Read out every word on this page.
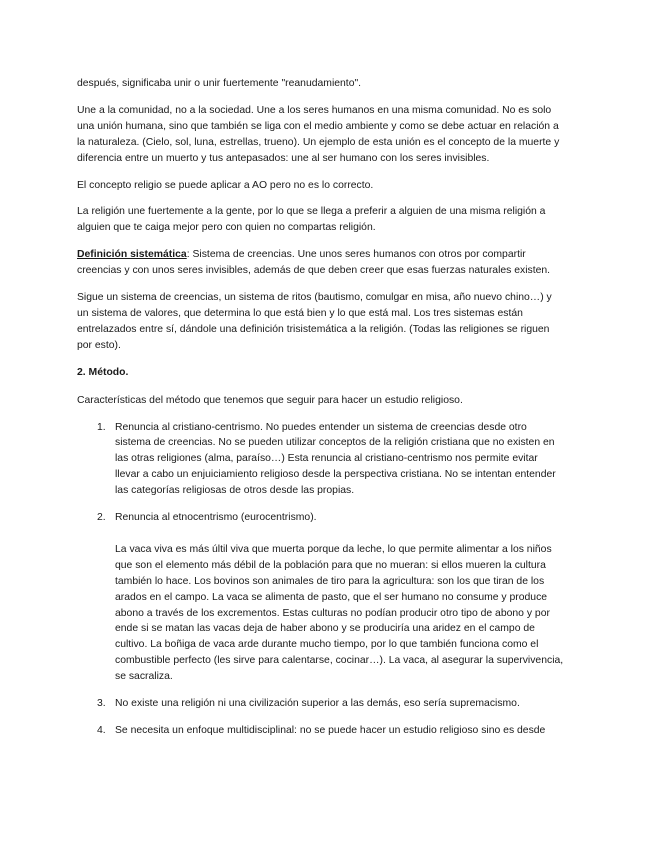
después, significaba unir o unir fuertemente "reanudamiento".

Une a la comunidad, no a la sociedad. Une a los seres humanos en una misma comunidad. No es solo una unión humana, sino que también se liga con el medio ambiente y como se debe actuar en relación a la naturaleza. (Cielo, sol, luna, estrellas, trueno). Un ejemplo de esta unión es el concepto de la muerte y diferencia entre un muerto y tus antepasados: une al ser humano con los seres invisibles.

El concepto religio se puede aplicar a AO pero no es lo correcto.

La religión une fuertemente a la gente, por lo que se llega a preferir a alguien de una misma religión a alguien que te caiga mejor pero con quien no compartas religión.

Definición sistemática: Sistema de creencias. Une unos seres humanos con otros por compartir creencias y con unos seres invisibles, además de que deben creer que esas fuerzas naturales existen.

Sigue un sistema de creencias, un sistema de ritos (bautismo, comulgar en misa, año nuevo chino…) y un sistema de valores, que determina lo que está bien y lo que está mal. Los tres sistemas están entrelazados entre sí, dándole una definición trisistemática a la religión. (Todas las religiones se riguen por esto).

2. Método.

Características del método que tenemos que seguir para hacer un estudio religioso.

1. Renuncia al cristiano-centrismo. No puedes entender un sistema de creencias desde otro sistema de creencias. No se pueden utilizar conceptos de la religión cristiana que no existen en las otras religiones (alma, paraíso…) Esta renuncia al cristiano-centrismo nos permite evitar llevar a cabo un enjuiciamiento religioso desde la perspectiva cristiana. No se intentan entender las categorías religiosas de otros desde las propias.
2. Renuncia al etnocentrismo (eurocentrismo).
La vaca viva es más últil viva que muerta porque da leche, lo que permite alimentar a los niños que son el elemento más débil de la población para que no mueran: si ellos mueren la cultura también lo hace. Los bovinos son animales de tiro para la agricultura: son los que tiran de los arados en el campo. La vaca se alimenta de pasto, que el ser humano no consume y produce abono a través de los excrementos. Estas culturas no podían producir otro tipo de abono y por ende si se matan las vacas deja de haber abono y se produciría una aridez en el campo de cultivo. La boñiga de vaca arde durante mucho tiempo, por lo que también funciona como el combustible perfecto (les sirve para calentarse, cocinar…). La vaca, al asegurar la supervivencia, se sacraliza.
3. No existe una religión ni una civilización superior a las demás, eso sería supremacismo.
4. Se necesita un enfoque multidisciplinal: no se puede hacer un estudio religioso sino es desde
